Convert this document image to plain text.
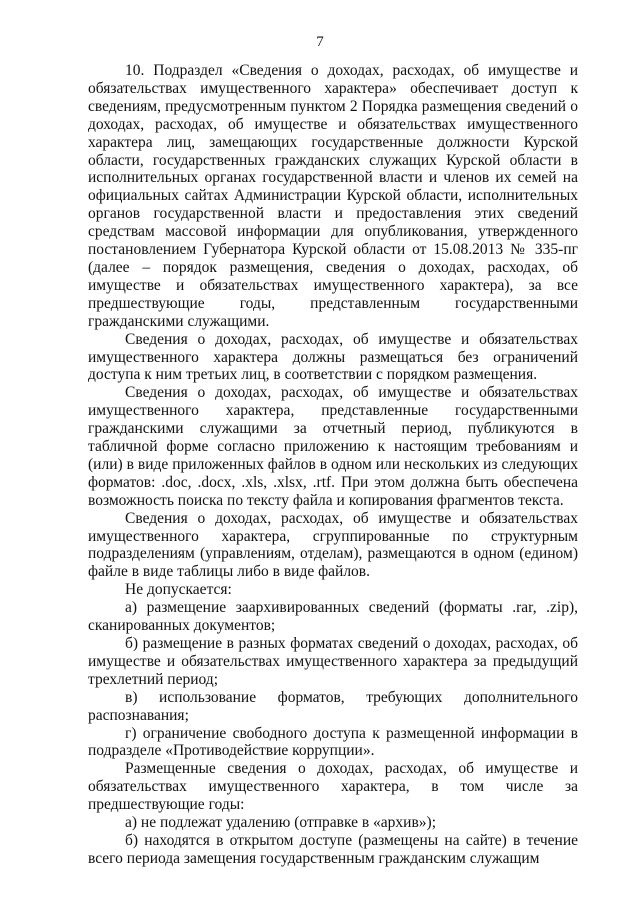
7

10. Подраздел «Сведения о доходах, расходах, об имуществе и обязательствах имущественного характера» обеспечивает доступ к сведениям, предусмотренным пунктом 2 Порядка размещения сведений о доходах, расходах, об имуществе и обязательствах имущественного характера лиц, замещающих государственные должности Курской области, государственных гражданских служащих Курской области в исполнительных органах государственной власти и членов их семей на официальных сайтах Администрации Курской области, исполнительных органов государственной власти и предоставления этих сведений средствам массовой информации для опубликования, утвержденного постановлением Губернатора Курской области от 15.08.2013 № 335-пг (далее – порядок размещения, сведения о доходах, расходах, об имуществе и обязательствах имущественного характера), за все предшествующие годы, представленным государственными гражданскими служащими.

Сведения о доходах, расходах, об имуществе и обязательствах имущественного характера должны размещаться без ограничений доступа к ним третьих лиц, в соответствии с порядком размещения.

Сведения о доходах, расходах, об имуществе и обязательствах имущественного характера, представленные государственными гражданскими служащими за отчетный период, публикуются в табличной форме согласно приложению к настоящим требованиям и (или) в виде приложенных файлов в одном или нескольких из следующих форматов: .doc, .docx, .xls, .xlsx, .rtf. При этом должна быть обеспечена возможность поиска по тексту файла и копирования фрагментов текста.

Сведения о доходах, расходах, об имуществе и обязательствах имущественного характера, сгруппированные по структурным подразделениям (управлениям, отделам), размещаются в одном (едином) файле в виде таблицы либо в виде файлов.

Не допускается:

а) размещение заархивированных сведений (форматы .rar, .zip), сканированных документов;

б) размещение в разных форматах сведений о доходах, расходах, об имуществе и обязательствах имущественного характера за предыдущий трехлетний период;

в) использование форматов, требующих дополнительного распознавания;

г) ограничение свободного доступа к размещенной информации в подразделе «Противодействие коррупции».

Размещенные сведения о доходах, расходах, об имуществе и обязательствах имущественного характера, в том числе за предшествующие годы:

а) не подлежат удалению (отправке в «архив»);

б) находятся в открытом доступе (размещены на сайте) в течение всего периода замещения государственным гражданским служащим
